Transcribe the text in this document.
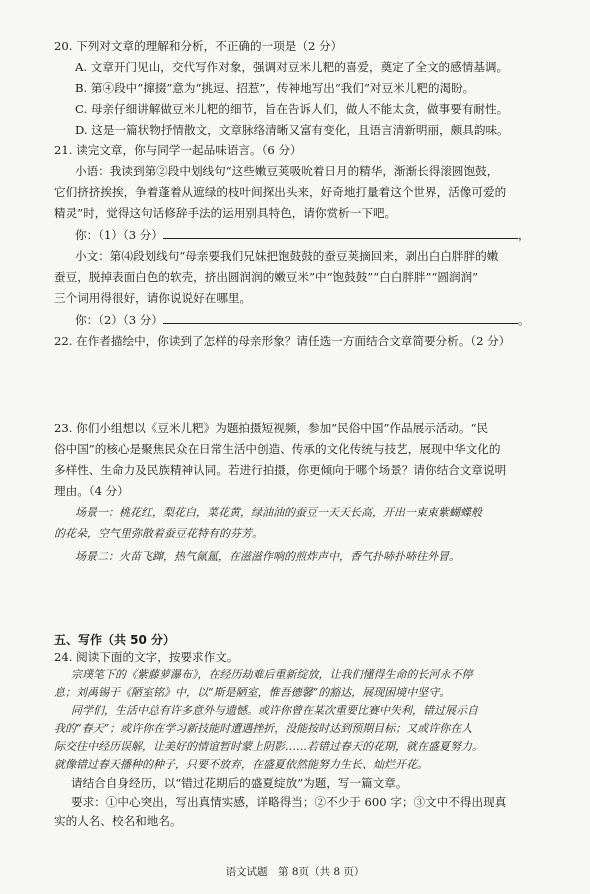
20. 下列对文章的理解和分析，不正确的一项是（2 分）
A. 文章开门见山，交代写作对象，强调对豆米儿粑的喜爱，奠定了全文的感情基调。
B. 第④段中“撺掇”意为“挑逗、招惹”，传神地写出“我们”对豆米儿粑的渴盼。
C. 母亲仔细讲解做豆米儿粑的细节，旨在告诉人们，做人不能太贪，做事要有耐性。
D. 这是一篇状物抒情散文，文章脉络清晰又富有变化，且语言清新明丽，颇具韵味。
21. 读完文章，你与同学一起品味语言。（6 分）
小语：我读到第②段中划线句“这些嫩豆荚吸吮着日月的精华，渐渐长得滚圆饱鼓，
它们挤挤挨挨，争着蓬着从遮绿的枝叶间探出头来，好奇地打量着这个世界，活像可爱的
精灵”时，觉得这句话修辞手法的运用别具特色，请你赏析一下吧。
你：（1）（3 分）	，
小文：第⑷段划线句“母亲要我们兄妹把饱鼓鼓的蚕豆荚摘回来，剥出白白胖胖的嫩
蚕豆，脱掉表面白色的软壳，挤出圆润润的嫩豆米”中“饱鼓鼓”“白白胖胖”“圆润润”
三个词用得很好，请你说说好在哪里。
你：（2）（3 分）	。
22. 在作者描绘中，你读到了怎样的母亲形象？请任选一方面结合文章简要分析。（2 分）
23. 你们小组想以《豆米儿粑》为题拍摄短视频，参加“民俗中国”作品展示活动。“民
俗中国”的核心是聚焦民众在日常生活中创造、传承的文化传统与技艺，展现中华文化的
多样性、生命力及民族精神认同。若进行拍摄，你更倾向于哪个场景？请你结合文章说明
理由。（4 分）
场景一：桃花红，梨花白，菜花黄，绿油油的蚕豆一天天长高，开出一束束紫蝴蝶般
的花朵，空气里弥散着蚕豆花特有的芬芳。
场景二：火苗飞蹿，热气氤氲，在滋滋作响的煎炸声中，香气扑哧扑哧往外冒。
五、写作（共 50 分）
24. 阅读下面的文字，按要求作文。
宗璞笔下的《紫藤萝瀑布》，在经历劫难后重新绽放，让我们懂得生命的长河永不停
息；刘禹锡于《陋室铭》中，以“斯是陋室，惟吾德馨”的豁达，展现困境中坚守。
同学们，生活中总有许多意外与遗憾。或许你曾在某次重要比赛中失利，错过展示自
我的“春天”；或许你在学习新技能时遭遇挫折，没能按时达到预期目标；又或许你在人
际交往中经历误解，让美好的情谊暂时蒙上阴影……若错过春天的花期，就在盛夏努力。
就像错过春天播种的种子，只要不放弃，在盛夏依然能努力生长、灿烂开花。
请结合自身经历，以“错过花期后的盛夏绽放”为题，写一篇文章。
要求：①中心突出，写出真情实感，详略得当；②不少于 600 字；③文中不得出现真
实的人名、校名和地名。
语文试题　第 8页（共 8 页）
